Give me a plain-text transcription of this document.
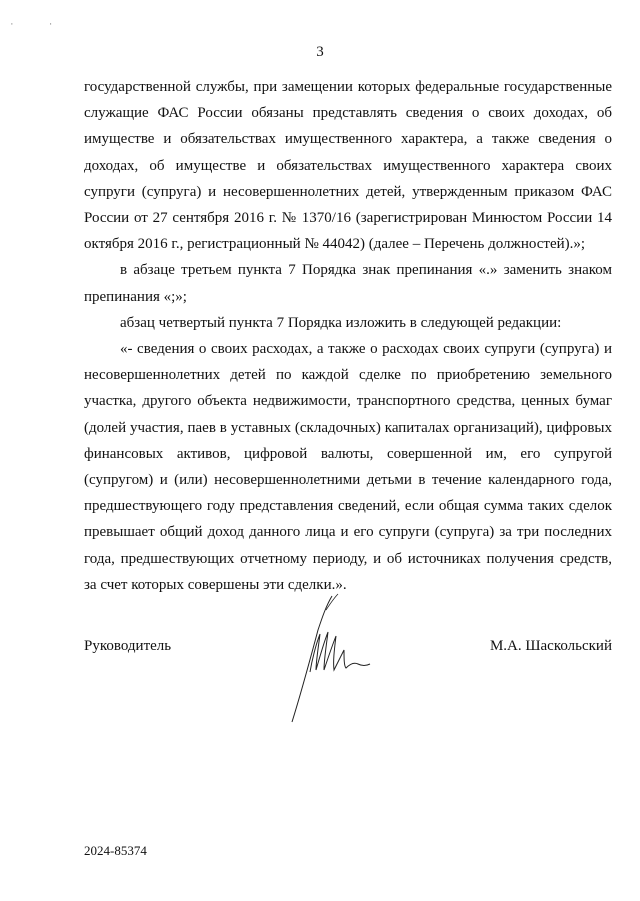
· ·
3

государственной службы, при замещении которых федеральные государственные служащие ФАС России обязаны представлять сведения о своих доходах, об имуществе и обязательствах имущественного характера, а также сведения о доходах, об имуществе и обязательствах имущественного характера своих супруги (супруга) и несовершеннолетних детей, утвержденным приказом ФАС России от 27 сентября 2016 г. № 1370/16 (зарегистрирован Минюстом России 14 октября 2016 г., регистрационный № 44042) (далее – Перечень должностей).»;

в абзаце третьем пункта 7 Порядка знак препинания «.» заменить знаком препинания «;»;

абзац четвертый пункта 7 Порядка изложить в следующей редакции:

«- сведения о своих расходах, а также о расходах своих супруги (супруга) и несовершеннолетних детей по каждой сделке по приобретению земельного участка, другого объекта недвижимости, транспортного средства, ценных бумаг (долей участия, паев в уставных (складочных) капиталах организаций), цифровых финансовых активов, цифровой валюты, совершенной им, его супругой (супругом) и (или) несовершеннолетними детьми в течение календарного года, предшествующего году представления сведений, если общая сумма таких сделок превышает общий доход данного лица и его супруги (супруга) за три последних года, предшествующих отчетному периоду, и об источниках получения средств, за счет которых совершены эти сделки.».

Руководитель	М.А. Шаскольский
2024-85374
